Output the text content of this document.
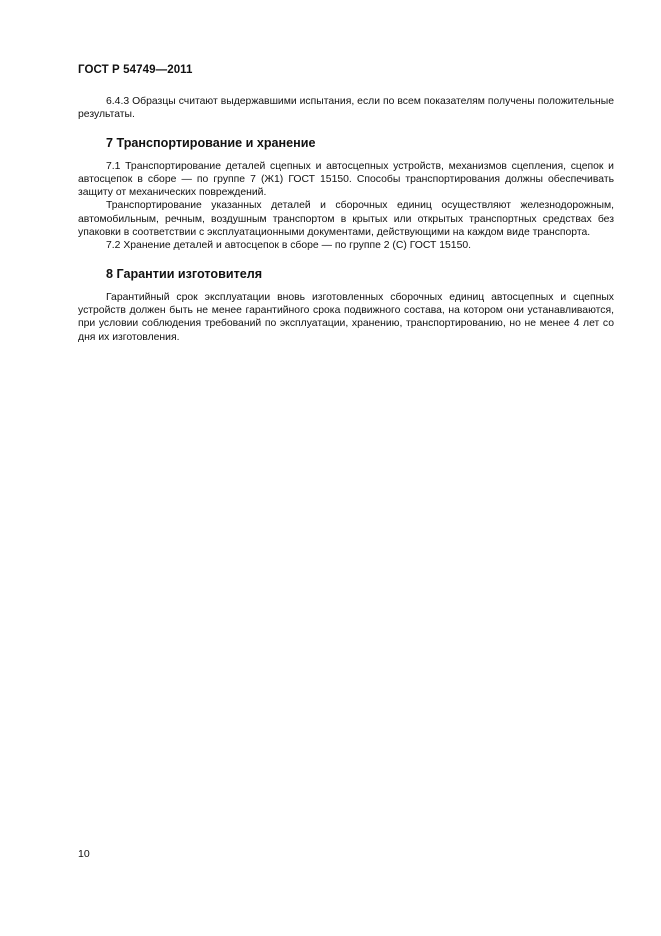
ГОСТ Р 54749—2011

6.4.3 Образцы считают выдержавшими испытания, если по всем показателям получены положительные результаты.

7 Транспортирование и хранение

7.1 Транспортирование деталей сцепных и автосцепных устройств, механизмов сцепления, сцепок и автосцепок в сборе — по группе 7 (Ж1) ГОСТ 15150. Способы транспортирования должны обеспечивать защиту от механических повреждений.

Транспортирование указанных деталей и сборочных единиц осуществляют железнодорожным, автомобильным, речным, воздушным транспортом в крытых или открытых транспортных средствах без упаковки в соответствии с эксплуатационными документами, действующими на каждом виде транспорта.

7.2 Хранение деталей и автосцепок в сборе — по группе 2 (С) ГОСТ 15150.

8 Гарантии изготовителя

Гарантийный срок эксплуатации вновь изготовленных сборочных единиц автосцепных и сцепных устройств должен быть не менее гарантийного срока подвижного состава, на котором они устанавливаются, при условии соблюдения требований по эксплуатации, хранению, транспортированию, но не менее 4 лет со дня их изготовления.

10
